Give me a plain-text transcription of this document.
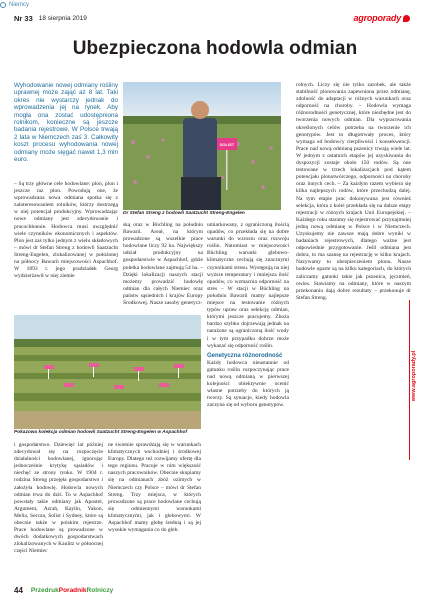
Nr 33 18 sierpnia 2019	agroporady
Ubezpieczona hodowla odmian
Wyhodowanie nowej odmiany roślinу uprawnej może zająć aż 8 lat. Taki okres nie wystarczy jednak do wprowadzenia jej na rynek. Aby mogła ona zostać udostępniona rolnikom, konieczne są jeszcze badania rejestrowe. W Polsce trwają 2 lata w Niemczech zaś 3. Całkowity koszt procesu wyhodowania nowej odmiany może sięgać nawet 1,3 mln euro.
Niemcy
– Są trzy główne cele hodowlane: plon, plon i jeszcze raz plon. Powodują one, że wprowadzana nowa odmiana spotka się z zainteresowaniem rolników, którzy dostrzegą w niej potencjał produkcyjny. Wprowadzając nowe odmiany jest zdecydowanie i pracochłonnie. Hodowca musi uwzględnić wiele czynników ekonomicznych i aspektów. Plon jest zaś tylko jednym z wielu składowych – mówi dr Stefan Streng z hodowli Saatzucht Streng-Engelen, zlokalizowanej w położonej na północy Bawarii miejscowości Aspachhof. W 1893 r. jego pradziadek Georg wydzierżawił w niej ziemie
SOLIST
Dr Stefan Streng z hodowli Saatzucht Streng-Engelen
ską oraz w Büchling na południu Bawarii. Areał, na którym prowadzone są wszelkie prace hodowlane liczy 92 ha. Największy udział produkcyjny na gospodarstwie w Aspachhof, gdzie poletka hodowlane zajmują 54 ha. – Dzięki lokalizacji naszych stacji możemy prowadzić hodowlę odmian dla całych Niemiec oraz państw sąsiednich i krajów Europy Środkowej. Nasze zasoby genetycz-
umiarkowany, z ograniczoną ilością opadów, co przekłada się na dobre warunki do wzrostu oraz rozwoju roślin. Natomiast w miejscowości Büchling warunki glebowo-klimatyczne cechują się znacznymi czynnikami stresu. Występują na niej wyższe temperatury i mniejsza ilość opadów, co wzmacnia odporność na stres – W stacji w Büchling na południu Bawarii mamy najlepsze miejsce na testowanie różnych typów upraw oraz selekcję odmian, którymi jeszcze pracujemy. Zboża bardzo szybko dojrzewają jednak na narażone są ograniczoną ilość wody i w tym przypadku dobrze może wykazać się odporność roślin.
Genetyczna różnorodność
Każdy hodowca nieustannie od gatunku roślin rozpoczynając prace nad nową odmianą w pierwszej kolejności obiektywnie ocenić własne potrzeby do których ją tworzy. Są sytuacje, kiedy hodowla zaczyna się od wyboru genotypów.
rolnych. Liczy się nie tylko zarobek, ale także stabilność plonowania zapewniona przez odmianę, zdolność do adaptacji w różnych warunkach oraz odporność na choroby. – Hodowla wymaga różnorodności genetycznej, które niezbędne jest do tworzenia nowych odmian. Dla wypracowania określonych celów potrzeba na tworzenie ich genotypów. Jest to długotrwały proces, który wymaga od hodowcy cierpliwości i konsekwencji. Prace nad nową odmianą pszenicy trwają wiele lat. W jednym z ostatnich etapów jej uzyskiwania do dyspozycji zostaje około 150 rodów. Są one testowane w trzech lokalizacjach pod kątem potencjału plonotwórczego, odporności na choroby oraz innych cech. – Za każdym razem wybiera się kilka najlepszych rodów, które przechodzą dalej. Na tym etapie prac dokonywana jest również selekcja, która z kolei przekłada się na dalsze etapy rejestracji w różnych krajach Unii Europejskiej. – Każdego roku staramy się rejestrować przynajmniej jedną nową odmianę w Polsce i w Niemczech. Uzyskujemy nie zawsze mają dobre wyniki w badaniach rejestrowych, dlatego ważne jest odpowiednie przygotowanie. Jeśli odmiana jest dobra, to ma szansę na rejestrację w kilku krajach. Nazywamy to ubezpieczeniem plonu. Nasze hodowle oparte są na kilku kategoriach, do których zaliczamy gatunki takie jak pszenica, jęczmień, owies. Stawiamy na odmiany, które w naszym przekonaniu dają dobre rezultaty – przekonuje dr Stefan Streng.
Pokazowa kolekcja odmian hodowli Saatzucht Streng-Engelen w Aspachhof
i gospodarstwo. Dziewięć lat później zdecydował się na rozpoczęcie działalności hodowlanej, ignorując jednocześnie krytykę sąsiadów i niechęć ze strony rynku. W 1904 r. rodzina Streng przejęła gospodarstwo i założyła hodowlę. Hodowla nowych odmian trwa do dziś. To w Aspachhof powstały takie odmiany jak Apostel, Argument, Azrah, Kaylin, Yakon, Melia, Secura, Solist i Sydney, które są obecnie także w polskim rejestrze. Prace hodowlane są prowadzone w dwóch dodatkowych gospodarstwach zlokalizowanych w Kaulitz w północnej części Niemiec
ne świetnie sprawdzają się w warunkach klimatycznych wschodniej i środkowej Europy. Dlatego też rozwijamy ofertę dla tego regionu. Pracuje w nim większość naszych pracowników. Obecnie skupiamy się na odmianach zbóż ozimych w Niemczech czy Polsce – mówi dr Stefan Streng. Trzy miejsca, w których prowadzone są prace hodowlane cechują się odmiennymi warunkami klimatycznymi, jak i glebowymi. W Aspachhof mamy glebę średnią i są jej wysokie wymagania co do gleb.
www.agroporady.pl
44 PrzedrukPoradnikRolniczy
